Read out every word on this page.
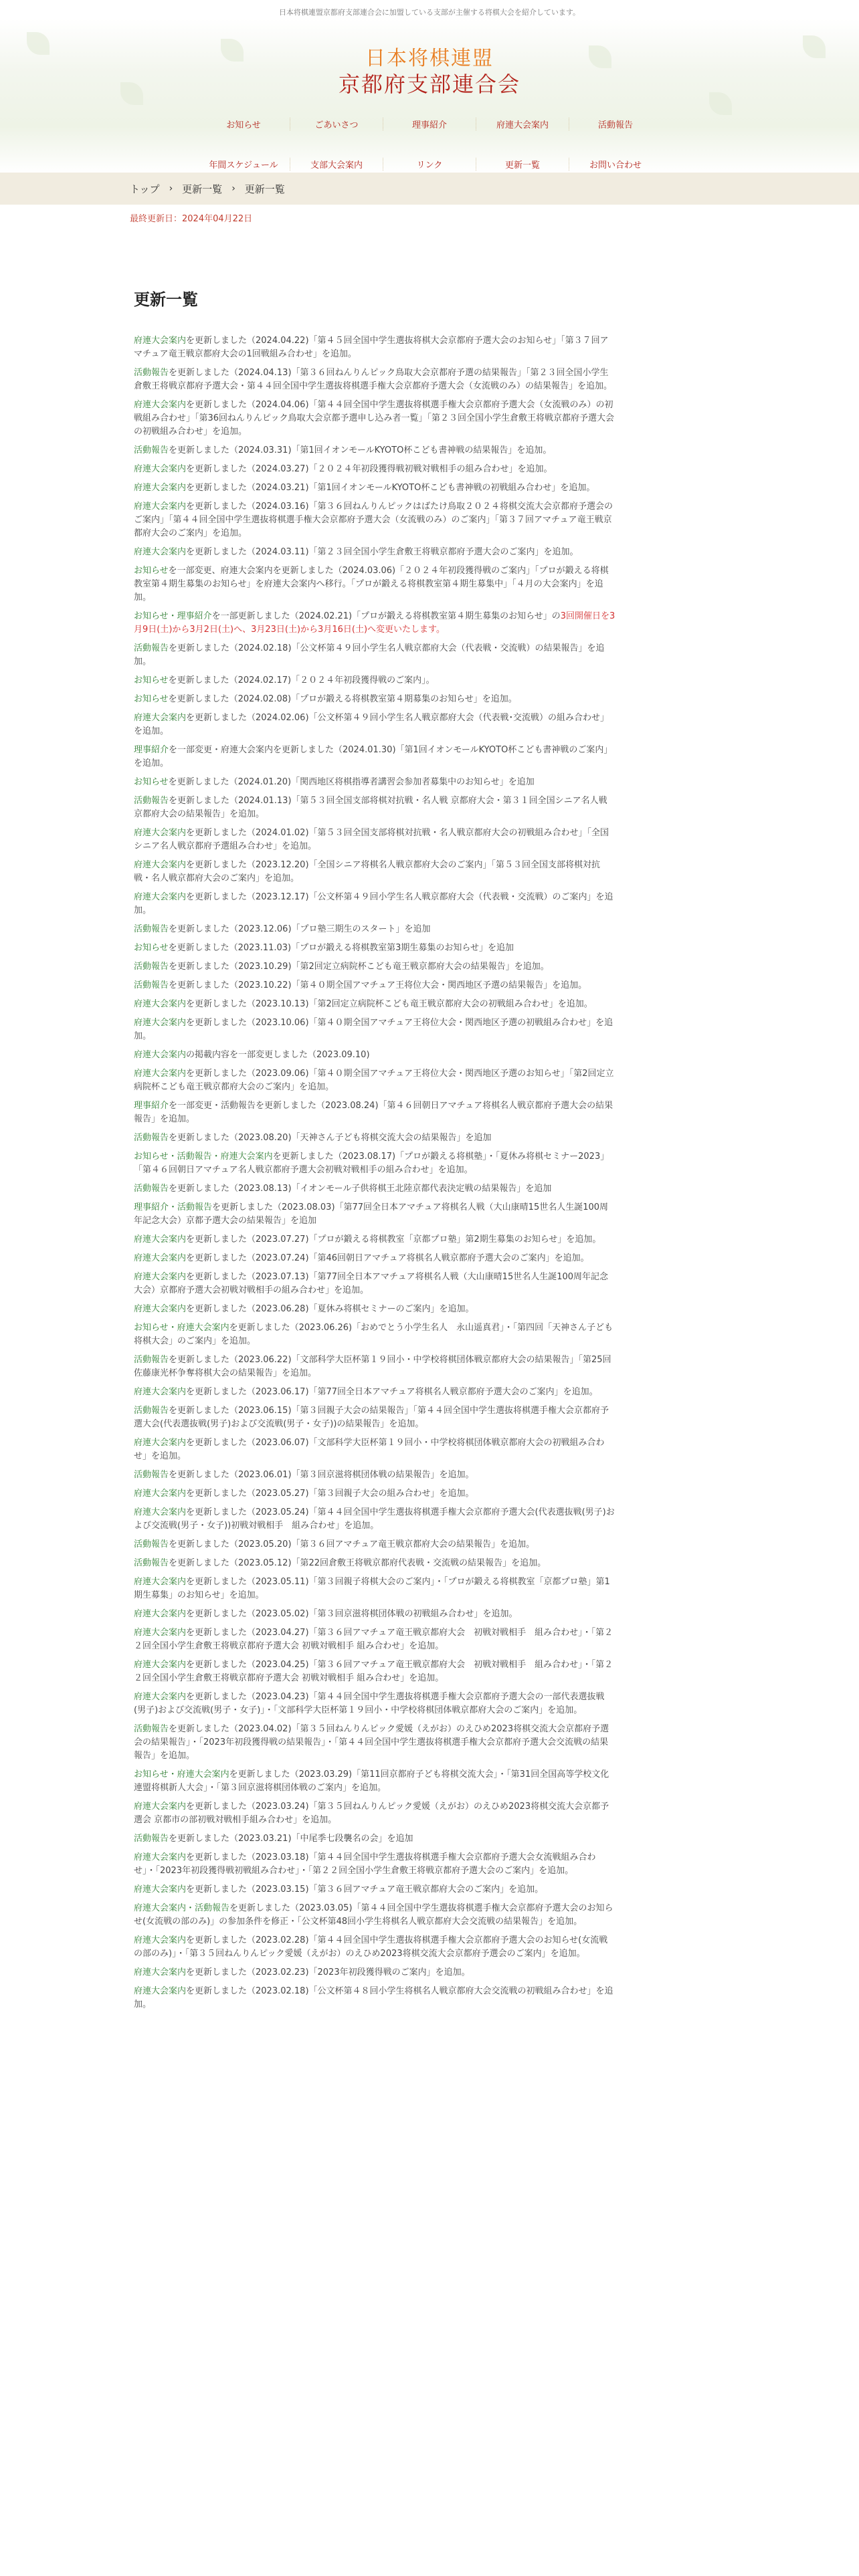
日本将棋連盟京都府支部連合会に加盟している支部が主催する将棋大会を紹介しています。
日本将棋連盟
京都府支部連合会
お知らせ	ごあいさつ	理事紹介	府連大会案内	活動報告
年間スケジュール	支部大会案内	リンク	更新一覧	お問い合わせ
トップ › 更新一覧 › 更新一覧
最終更新日：2024年04月22日
更新一覧
府連大会案内を更新しました（2024.04.22)「第４５回全国中学生選抜将棋大会京都府予選大会のお知らせ」「第３７回アマチュア竜王戦京都府大会の1回戦組み合わせ」を追加。
活動報告を更新しました（2024.04.13)「第３６回ねんりんピック鳥取大会京都府予選の結果報告」「第２３回全国小学生倉敷王将戦京都府予選大会・第４４回全国中学生選抜将棋選手権大会京都府予選大会（女流戦のみ）の結果報告」を追加。
府連大会案内を更新しました（2024.04.06)「第４４回全国中学生選抜将棋選手権大会京都府予選大会（女流戦のみ）の初戦組み合わせ」「第36回ねんりんピック鳥取大会京都予選申し込み者一覧」「第２３回全国小学生倉敷王将戦京都府予選大会の初戦組み合わせ」を追加。
活動報告を更新しました（2024.03.31)「第1回イオンモールKYOTO杯こども書神戦の結果報告」を追加。
府連大会案内を更新しました（2024.03.27)「２０２４年初段獲得戦初戦対戦相手の組み合わせ」を追加。
府連大会案内を更新しました（2024.03.21)「第1回イオンモールKYOTO杯こども書神戦の初戦組み合わせ」を追加。
府連大会案内を更新しました（2024.03.16)「第３６回ねんりんピックはばたけ鳥取２０２４将棋交流大会京都府予選会のご案内」「第４４回全国中学生選抜将棋選手権大会京都府予選大会（女流戦のみ）のご案内」「第３７回アマチュア竜王戦京都府大会のご案内」を追加。
府連大会案内を更新しました（2024.03.11)「第２３回全国小学生倉敷王将戦京都府予選大会のご案内」を追加。
お知らせを一部変更、府連大会案内を更新しました（2024.03.06)「２０２４年初段獲得戦のご案内」「プロが鍛える将棋教室第４期生募集のお知らせ」を府連大会案内へ移行。「プロが鍛える将棋教室第４期生募集中」「４月の大会案内」を追加。
お知らせ・理事紹介を一部更新しました（2024.02.21)「プロが鍛える将棋教室第４期生募集のお知らせ」の3回開催日を3月9日(土)から3月2日(土)へ、3月23日(土)から3月16日(土)へ変更いたします。
活動報告を更新しました（2024.02.18)「公文杯第４９回小学生名人戦京都府大会（代表戦・交流戦）の結果報告」を追加。
お知らせを更新しました（2024.02.17)「２０２４年初段獲得戦のご案内」。
お知らせを更新しました（2024.02.08)「プロが鍛える将棋教室第４期募集のお知らせ」を追加。
府連大会案内を更新しました（2024.02.06)「公文杯第４９回小学生名人戦京都府大会（代表戦･交流戦）の組み合わせ」を追加。
理事紹介を一部変更・府連大会案内を更新しました（2024.01.30)「第1回イオンモールKYOTO杯こども書神戦のご案内」を追加。
お知らせを更新しました（2024.01.20)「関西地区将棋指導者講習会参加者募集中のお知らせ」を追加
活動報告を更新しました（2024.01.13)「第５３回全国支部将棋対抗戦・名人戦 京都府大会・第３１回全国シニア名人戦京都府大会の結果報告」を追加。
府連大会案内を更新しました（2024.01.02)「第５３回全国支部将棋対抗戦・名人戦京都府大会の初戦組み合わせ」「全国シニア名人戦京都府予選組み合わせ」を追加。
府連大会案内を更新しました（2023.12.20)「全国シニア将棋名人戦京都府大会のご案内」「第５３回全国支部将棋対抗戦・名人戦京都府大会のご案内」を追加。
府連大会案内を更新しました（2023.12.17)「公文杯第４９回小学生名人戦京都府大会（代表戦・交流戦）のご案内」を追加。
活動報告を更新しました（2023.12.06)「プロ塾三期生のスタート」を追加
お知らせを更新しました（2023.11.03)「プロが鍛える将棋教室第3期生募集のお知らせ」を追加
活動報告を更新しました（2023.10.29)「第2回定立病院杯こども竜王戦京都府大会の結果報告」を追加。
活動報告を更新しました（2023.10.22)「第４０期全国アマチュア王将位大会・関西地区予選の結果報告」を追加。
府連大会案内を更新しました（2023.10.13)「第2回定立病院杯こども竜王戦京都府大会の初戦組み合わせ」を追加。
府連大会案内を更新しました（2023.10.06)「第４０期全国アマチュア王将位大会・関西地区予選の初戦組み合わせ」を追加。
府連大会案内の掲載内容を一部変更しました（2023.09.10)
府連大会案内を更新しました（2023.09.06)「第４０期全国アマチュア王将位大会・関西地区予選のお知らせ」「第2回定立病院杯こども竜王戦京都府大会のご案内」を追加。
理事紹介を一部変更・活動報告を更新しました（2023.08.24)「第４６回朝日アマチュア将棋名人戦京都府予選大会の結果報告」を追加。
活動報告を更新しました（2023.08.20)「天神さん子ども将棋交流大会の結果報告」を追加
お知らせ・活動報告・府連大会案内を更新しました（2023.08.17)「プロが鍛える将棋塾」・「夏休み将棋セミナー2023」「第４６回朝日アマチュア名人戦京都府予選大会初戦対戦相手の組み合わせ」を追加。
活動報告を更新しました（2023.08.13)「イオンモール子供将棋王北陸京都代表決定戦の結果報告」を追加
理事紹介・活動報告を更新しました（2023.08.03)「第77回全日本アマチュア将棋名人戦（大山康晴15世名人生誕100周年記念大会）京都予選大会の結果報告」を追加
府連大会案内を更新しました（2023.07.27)「プロが鍛える将棋教室「京都プロ塾」第2期生募集のお知らせ」を追加。
府連大会案内を更新しました（2023.07.24)「第46回朝日アマチュア将棋名人戦京都府予選大会のご案内」を追加。
府連大会案内を更新しました（2023.07.13)「第77回全日本アマチュア将棋名人戦（大山康晴15世名人生誕100周年記念大会）京都府予選大会初戦対戦相手の組み合わせ」を追加。
府連大会案内を更新しました（2023.06.28)「夏休み将棋セミナーのご案内」を追加。
お知らせ・府連大会案内を更新しました（2023.06.26)「おめでとう小学生名人　永山遥真君」・「第四回「天神さん子ども将棋大会」のご案内」を追加。
活動報告を更新しました（2023.06.22)「文部科学大臣杯第１９回小・中学校将棋団体戦京都府大会の結果報告」「第25回佐藤康光杯争奪将棋大会の結果報告」を追加。
府連大会案内を更新しました（2023.06.17)「第77回全日本アマチュア将棋名人戦京都府予選大会のご案内」を追加。
活動報告を更新しました（2023.06.15)「第３回親子大会の結果報告」「第４４回全国中学生選抜将棋選手権大会京都府予選大会(代表選抜戦(男子)および交流戦(男子・女子))の結果報告」を追加。
府連大会案内を更新しました（2023.06.07)「文部科学大臣杯第１９回小・中学校将棋団体戦京都府大会の初戦組み合わせ」を追加。
活動報告を更新しました（2023.06.01)「第３回京滋将棋団体戦の結果報告」を追加。
府連大会案内を更新しました（2023.05.27)「第３回親子大会の組み合わせ」を追加。
府連大会案内を更新しました（2023.05.24)「第４４回全国中学生選抜将棋選手権大会京都府予選大会(代表選抜戦(男子)および交流戦(男子・女子))初戦対戦相手　組み合わせ」を追加。
活動報告を更新しました（2023.05.20)「第３６回アマチュア竜王戦京都府大会の結果報告」を追加。
活動報告を更新しました（2023.05.12)「第22回倉敷王将戦京都府代表戦・交流戦の結果報告」を追加。
府連大会案内を更新しました（2023.05.11)「第３回親子将棋大会のご案内」・「プロが鍛える将棋教室「京都プロ塾」第1期生募集」のお知らせ」を追加。
府連大会案内を更新しました（2023.05.02)「第３回京滋将棋団体戦の初戦組み合わせ」を追加。
府連大会案内を更新しました（2023.04.27)「第３６回アマチュア竜王戦京都府大会　初戦対戦相手　組み合わせ」・「第２２回全国小学生倉敷王将戦京都府予選大会 初戦対戦相手 組み合わせ」を追加。
府連大会案内を更新しました（2023.04.25)「第３６回アマチュア竜王戦京都府大会　初戦対戦相手　組み合わせ」・「第２２回全国小学生倉敷王将戦京都府予選大会 初戦対戦相手 組み合わせ」を追加。
府連大会案内を更新しました（2023.04.23)「第４４回全国中学生選抜将棋選手権大会京都府予選大会の一部代表選抜戦(男子)および交流戦(男子・女子)」・「文部科学大臣杯第１９回小・中学校将棋団体戦京都府大会のご案内」を追加。
活動報告を更新しました（2023.04.02)「第３５回ねんりんピック愛媛（えがお）のえひめ2023将棋交流大会京都府予選会の結果報告」・「2023年初段獲得戦の結果報告」・「第４４回全国中学生選抜将棋選手権大会京都府予選大会交流戦の結果報告」を追加。
お知らせ・府連大会案内を更新しました（2023.03.29)「第11回京都府子ども将棋交流大会」・「第31回全国高等学校文化連盟将棋新人大会」・「第３回京滋将棋団体戦のご案内」を追加。
府連大会案内を更新しました（2023.03.24)「第３５回ねんりんピック愛媛（えがお）のえひめ2023将棋交流大会京都予選会 京都市の部初戦対戦相手組み合わせ」を追加。
活動報告を更新しました（2023.03.21)「中尾季七段襲名の会」を追加
府連大会案内を更新しました（2023.03.18)「第４４回全国中学生選抜将棋選手権大会京都府予選大会女流戦組み合わせ」・「2023年初段獲得戦初戦組み合わせ」・「第２２回全国小学生倉敷王将戦京都府予選大会のご案内」を追加。
府連大会案内を更新しました（2023.03.15)「第３６回アマチュア竜王戦京都府大会のご案内」を追加。
府連大会案内・活動報告を更新しました（2023.03.05)「第４４回全国中学生選抜将棋選手権大会京都府予選大会のお知らせ(女流戦の部のみ)」の参加条件を修正・「公文杯第48回小学生将棋名人戦京都府大会交流戦の結果報告」を追加。
府連大会案内を更新しました（2023.02.28)「第４４回全国中学生選抜将棋選手権大会京都府予選大会のお知らせ(女流戦の部のみ)」・「第３５回ねんりんピック愛媛（えがお）のえひめ2023将棋交流大会京都府予選会のご案内」を追加。
府連大会案内を更新しました（2023.02.23)「2023年初段獲得戦のご案内」を追加。
府連大会案内を更新しました（2023.02.18)「公文杯第４８回小学生将棋名人戦京都府大会交流戦の初戦組み合わせ」を追加。
